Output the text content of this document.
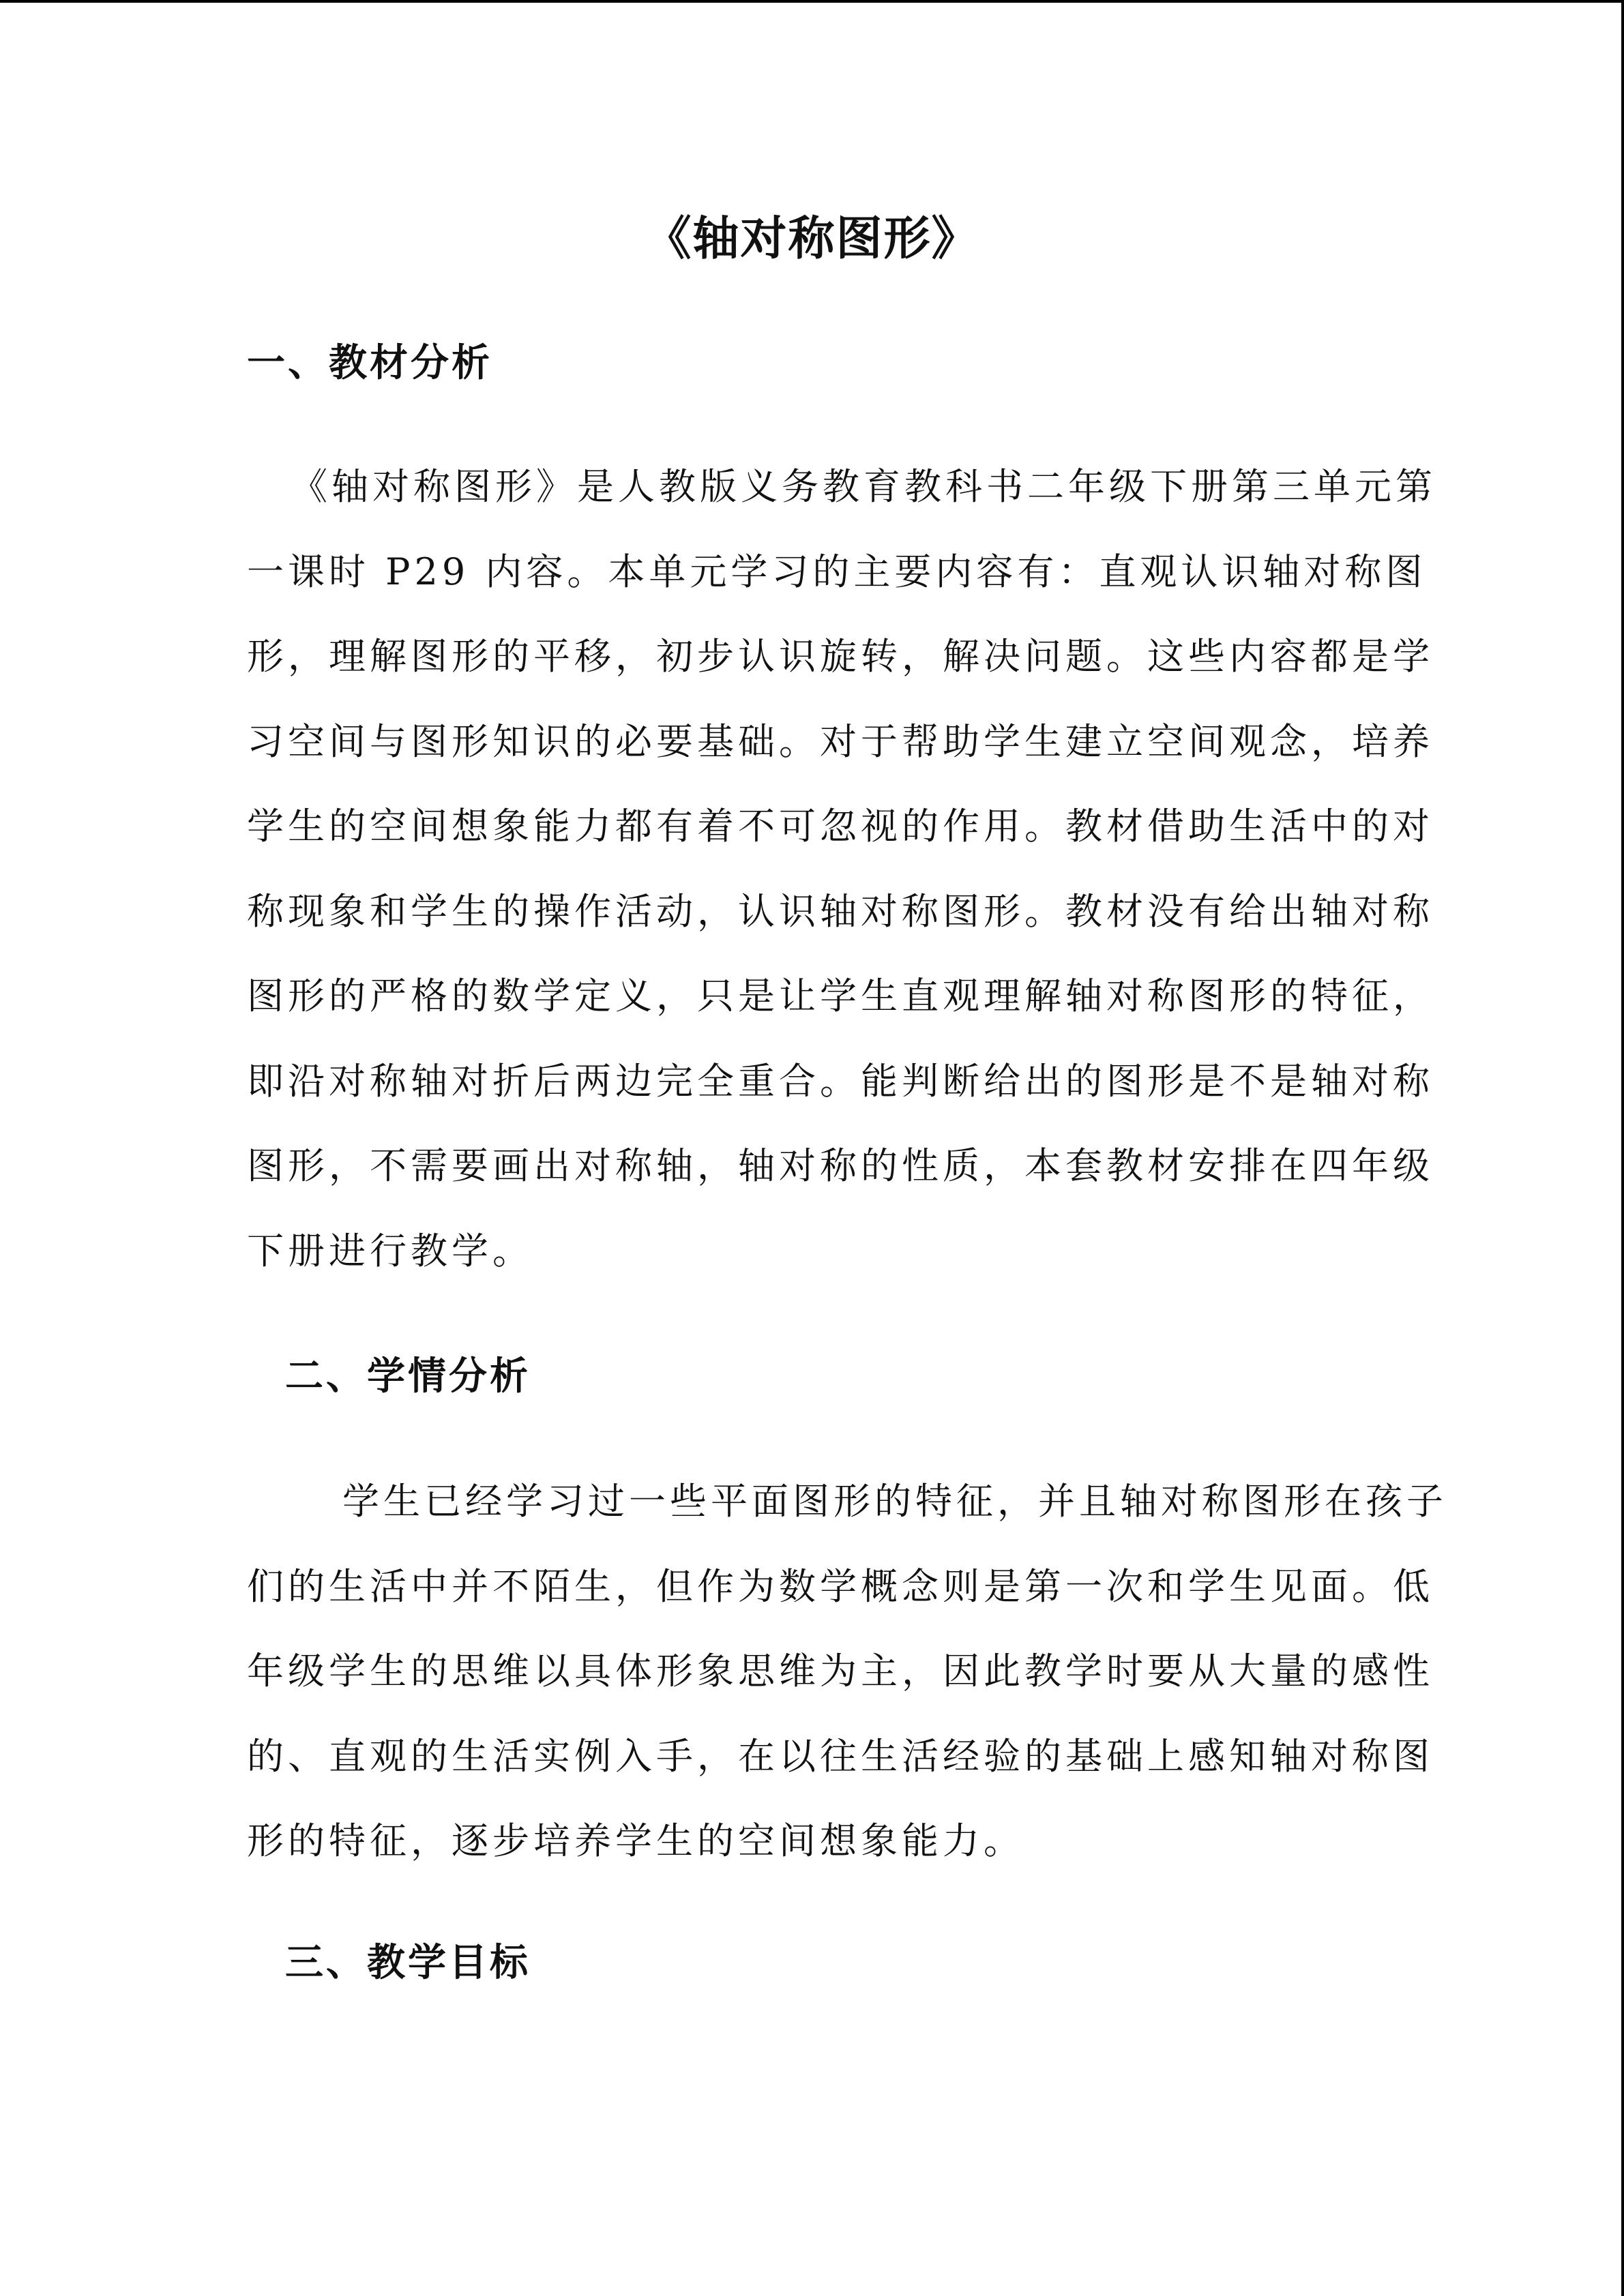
《轴对称图形》
一、教材分析
《轴对称图形》是人教版义务教育教科书二年级下册第三单元第
一课时 P29 内容。本单元学习的主要内容有：直观认识轴对称图
形，理解图形的平移，初步认识旋转，解决问题。这些内容都是学
习空间与图形知识的必要基础。对于帮助学生建立空间观念，培养
学生的空间想象能力都有着不可忽视的作用。教材借助生活中的对
称现象和学生的操作活动，认识轴对称图形。教材没有给出轴对称
图形的严格的数学定义，只是让学生直观理解轴对称图形的特征，
即沿对称轴对折后两边完全重合。能判断给出的图形是不是轴对称
图形，不需要画出对称轴，轴对称的性质，本套教材安排在四年级
下册进行教学。
二、学情分析
学生已经学习过一些平面图形的特征，并且轴对称图形在孩子
们的生活中并不陌生，但作为数学概念则是第一次和学生见面。低
年级学生的思维以具体形象思维为主，因此教学时要从大量的感性
的、直观的生活实例入手，在以往生活经验的基础上感知轴对称图
形的特征，逐步培养学生的空间想象能力。
三、教学目标
